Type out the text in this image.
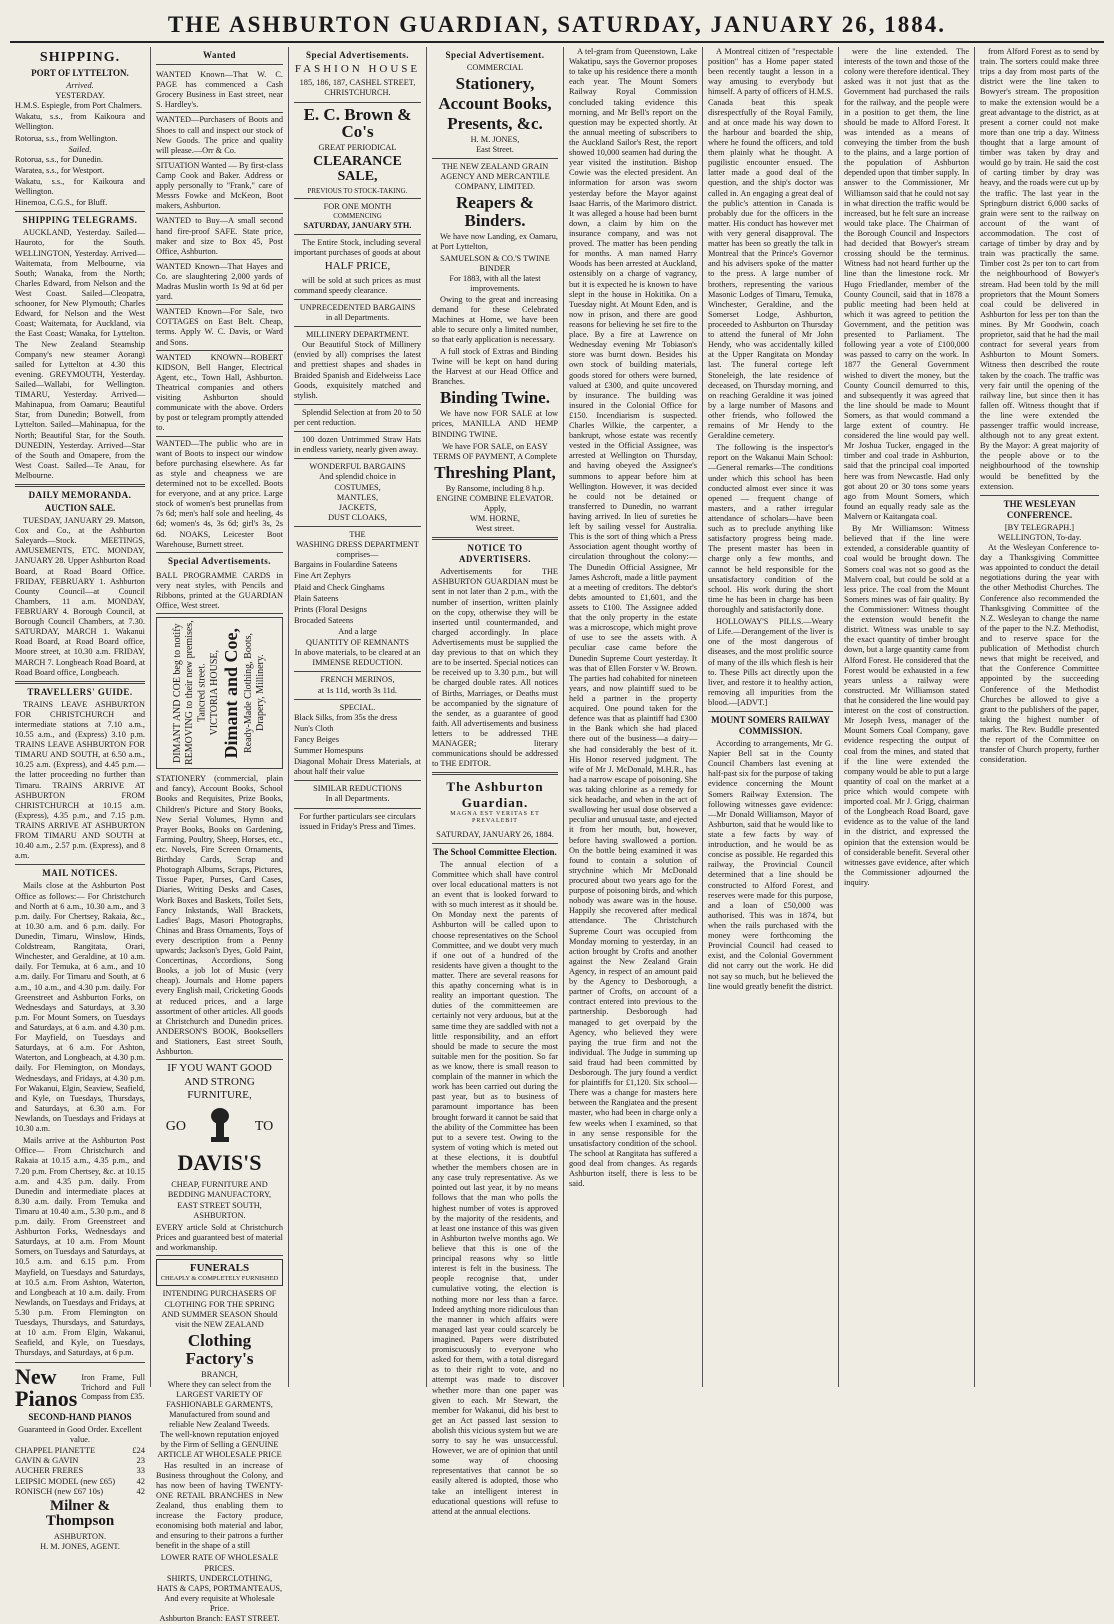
THE ASHBURTON GUARDIAN, SATURDAY, JANUARY 26, 1884.
SHIPPING.
PORT OF LYTTELTON.
Arrived.
YESTERDAY.
H.M.S. Espiegle, from Port Chalmers.
Wakatu, s.s., from Kaikoura and Wellington.
Rotorua, s.s., from Wellington.
Sailed.
Rotorua, s.s., for Dunedin.
Waratea, s.s., for Westport.
Wakatu, s.s., for Kaikoura and Wellington.
Hinemoa, C.G.S., for Bluff.
SHIPPING TELEGRAMS.

AUCKLAND, Yesterday. Sailed—Hauroto, for the South. WELLINGTON, Yesterday. Arrived—Waitemata, from Melbourne, via South; Wanaka, from the North; Charles Edward, from Nelson and the West Coast. Sailed—Cleopatra, schooner, for New Plymouth; Charles Edward, for Nelson and the West Coast; Waitemata, for Auckland, via the East Coast; Wanaka, for Lyttelton. The New Zealand Steamship Company's new steamer Aorangi sailed for Lyttelton at 4.30 this evening. GREYMOUTH, Yesterday. Sailed—Wallabi, for Wellington. TIMARU, Yesterday. Arrived—Mahinapua, from Oamaru; Beautiful Star, from Dunedin; Botwell, from Lyttelton. Sailed—Mahinapua, for the North; Beautiful Star, for the South. DUNEDIN, Yesterday. Arrived—Star of the South and Omapere, from the West Coast. Sailed—Te Anau, for Melbourne.

DAILY MEMORANDA.
AUCTION SALE.

TUESDAY, JANUARY 29. Matson, Cox and Co., at the Ashburton Saleyards—Stock. MEETINGS, AMUSEMENTS, ETC. MONDAY, JANUARY 28. Upper Ashburton Road Board, at Road Board Office. FRIDAY, FEBRUARY 1. Ashburton County Council—at Council Chambers, 11 a.m. MONDAY, FEBRUARY 4. Borough Council, at Borough Council Chambers, at 7.30. SATURDAY, MARCH 1. Wakanui Road Board, at Road Board office, Moore street, at 10.30 a.m. FRIDAY, MARCH 7. Longbeach Road Board, at Road Board office, Longbeach.

TRAVELLERS' GUIDE.

TRAINS LEAVE ASHBURTON FOR CHRISTCHURCH and intermediate stations at 7.10 a.m., 10.55 a.m., and (Express) 3.10 p.m. TRAINS LEAVE ASHBURTON FOR TIMARU AND SOUTH, at 6.50 a.m., 10.25 a.m. (Express), and 4.45 p.m.—the latter proceeding no further than Timaru. TRAINS ARRIVE AT ASHBURTON FROM CHRISTCHURCH at 10.15 a.m. (Express), 4.35 p.m., and 7.15 p.m. TRAINS ARRIVE AT ASHBURTON FROM TIMARU AND SOUTH at 10.40 a.m., 2.57 p.m. (Express), and 8 a.m.

MAIL NOTICES.

Mails close at the Ashburton Post Office as follows:— For Christchurch and North at 6 a.m., 10.30 a.m., and 3 p.m. daily. For Chertsey, Rakaia, &c., at 10.30 a.m. and 6 p.m. daily. For Dunedin, Timaru, Winslow, Hinds, Coldstream, Rangitata, Orari, Winchester, and Geraldine, at 10 a.m. daily. For Temuka, at 6 a.m., and 10 a.m. daily. For Timaru and South, at 6 a.m., 10 a.m., and 4.30 p.m. daily. For Greenstreet and Ashburton Forks, on Wednesdays and Saturdays, at 3.30 p.m. For Mount Somers, on Tuesdays and Saturdays, at 6 a.m. and 4.30 p.m. For Mayfield, on Tuesdays and Saturdays, at 6 a.m. For Ashton, Waterton, and Longbeach, at 4.30 p.m. daily. For Flemington, on Mondays, Wednesdays, and Fridays, at 4.30 p.m. For Wakanui, Elgin, Seaview, Seafield, and Kyle, on Tuesdays, Thursdays, and Saturdays, at 6.30 a.m. For Newlands, on Tuesdays and Fridays at 10.30 a.m.

Mails arrive at the Ashburton Post Office— From Christchurch and Rakaia at 10.15 a.m., 4.35 p.m., and 7.20 p.m. From Chertsey, &c. at 10.15 a.m. and 4.35 p.m. daily. From Dunedin and intermediate places at 8.30 a.m. daily. From Temuka and Timaru at 10.40 a.m., 5.30 p.m., and 8 p.m. daily. From Greenstreet and Ashburton Forks, Wednesdays and Saturdays, at 10 a.m. From Mount Somers, on Tuesdays and Saturdays, at 10.5 a.m. and 6.15 p.m. From Mayfield, on Tuesdays and Saturdays, at 10.5 a.m. From Ashton, Waterton, and Longbeach at 10 a.m. daily. From Newlands, on Tuesdays and Fridays, at 5.30 p.m. From Flemington on Tuesdays, Thursdays, and Saturdays, at 10 a.m. From Elgin, Wakanui, Seafield, and Kyle, on Tuesdays, Thursdays, and Saturdays, at 6 p.m.

New
Pianos
Iron Frame, Full Trichord and Full Compass from £35.
SECOND-HAND PIANOS
Guaranteed in Good Order. Excellent value.
CHAPPEL PIANETTE	£24
GAVIN & GAVIN	23
AUCHER FRERES	33
LEIPSIC MODEL (new £65)	42
RONISCH (new £67 10s)	42
Milner & Thompson
ASHBURTON.
H. M. JONES, AGENT.
Wanted
WANTED Known—That W. C. PAGE has commenced a Cash Grocery Business in East street, near S. Hardley's.
WANTED—Purchasers of Boots and Shoes to call and inspect our stock of New Goods. The price and quality will please.—Orr & Co.
SITUATION Wanted — By first-class Camp Cook and Baker. Address or apply personally to "Frank," care of Messrs Fowke and McKeon, Boot makers, Ashburton.
WANTED to Buy—A small second hand fire-proof SAFE. State price, maker and size to Box 45, Post Office, Ashburton.
WANTED Known—That Hayes and Co. are slaughtering 2,000 yards of Madras Muslin worth 1s 9d at 6d per yard.
WANTED Known—For Sale, two COTTAGES on East Belt. Cheap, terms. Apply W. C. Davis, or Ward and Sons.
WANTED KNOWN—ROBERT KIDSON, Bell Hanger, Electrical Agent, etc., Town Hall, Ashburton. Theatrical companies and others visiting Ashburton should communicate with the above. Orders by post or telegram promptly attended to.
WANTED—The public who are in want of Boots to inspect our window before purchasing elsewhere. As far as style and cheapness we are determined not to be excelled. Boots for everyone, and at any price. Large stock of women's best prunellas from 7s 6d; men's half sole and heeling, 4s 6d; women's 4s, 3s 6d; girl's 3s, 2s 6d. NOAKS, Leicester Boot Warehouse, Burnett street.
Special Advertisements.
BALL PROGRAMME CARDS in very neat styles, with Pencils and Ribbons, printed at the GUARDIAN Office, West street.
DIMANT AND COE beg to notify REMOVING to their new premises, Tancred street. VICTORIA HOUSE, Dimant and Coe, Ready-Made Clothing, Boots, Drapery, Millinery.
STATIONERY (commercial, plain and fancy), Account Books, School Books and Requisites, Prize Books, Children's Picture and Story Books, New Serial Volumes, Hymn and Prayer Books, Books on Gardening, Farming, Poultry, Sheep, Horses, etc., etc. Novels, Fire Screen Ornaments, Birthday Cards, Scrap and Photograph Albums, Scraps, Pictures, Tissue Paper, Purses, Card Cases, Diaries, Writing Desks and Cases, Work Boxes and Baskets, Toilet Sets, Fancy Inkstands, Wall Brackets, Ladies' Bags, Masori Photographs, Chinas and Brass Ornaments, Toys of every description from a Penny upwards; Jackson's Dyes, Gold Paint, Concertinas, Accordions, Song Books, a job lot of Music (very cheap). Journals and Home papers every English mail, Cricketing Goods at reduced prices, and a large assortment of other articles. All goods at Christchurch and Dunedin prices. ANDERSON'S BOOK, Booksellers and Stationers, East street South, Ashburton.
IF YOU WANT GOOD AND STRONG FURNITURE,
GO	TO
DAVIS'S
CHEAP, FURNITURE AND BEDDING MANUFACTORY,
EAST STREET SOUTH,
ASHBURTON.
EVERY article Sold at Christchurch Prices and guaranteed best of material and workmanship.
FUNERALS
CHEAPLY & COMPLETELY FURNISHED
INTENDING PURCHASERS OF CLOTHING FOR THE SPRING AND SUMMER SEASON Should visit the NEW ZEALAND
Clothing Factory's
BRANCH,
Where they can select from the LARGEST VARIETY OF FASHIONABLE GARMENTS, Manufactured from sound and reliable New Zealand Tweeds.
The well-known reputation enjoyed by the Firm of Selling a GENUINE ARTICLE AT WHOLESALE PRICE

Has resulted in an increase of Business throughout the Colony, and has now been of having TWENTY-ONE RETAIL BRANCHES in New Zealand, thus enabling them to increase the Factory produce, economising both material and labor, and ensuring to their patrons a further benefit in the shape of a still

LOWER RATE OF WHOLESALE PRICES.
SHIRTS, UNDERCLOTHING, HATS & CAPS, PORTMANTEAUS,
And every requisite at Wholesale Price.
Ashburton Branch: EAST STREET.
Special Advertisements.
FASHION HOUSE
185, 186, 187, CASHEL STREET,
CHRISTCHURCH.
E. C. Brown & Co's
GREAT PERIODICAL
CLEARANCE SALE,
PREVIOUS TO STOCK-TAKING.
FOR ONE MONTH
COMMENCING
SATURDAY, JANUARY 5TH.

The Entire Stock, including several important purchases of goods at about

HALF PRICE,

will be sold at such prices as must command speedy clearance.

UNPRECEDENTED BARGAINS
in all Departments.
MILLINERY DEPARTMENT.

Our Beautiful Stock of Millinery (envied by all) comprises the latest and prettiest shapes and shades in Braided Spanish and Eidelweiss Lace Goods, exquisitely matched and stylish.

Splendid Selection at from 20 to 50 per cent reduction.

100 dozen Untrimmed Straw Hats in endless variety, nearly given away.

WONDERFUL BARGAINS
And splendid choice in
COSTUMES,
MANTLES,
JACKETS,
DUST CLOAKS,
THE
WASHING DRESS DEPARTMENT
comprises—
Bargains in Foulardine Sateens
Fine Art Zephyrs
Plaid and Check Ginghams
Plain Sateens
Prints (Floral Designs
Brocaded Sateens
And a large
QUANTITY OF REMNANTS
In above materials, to be cleared at an
IMMENSE REDUCTION.
FRENCH MERINOS,
at 1s 11d, worth 3s 11d.
SPECIAL.
Black Silks, from 35s the dress
Nun's Cloth
Fancy Beiges
Summer Homespuns
Diagonal Mohair Dress Materials, at about half their value
SIMILAR REDUCTIONS
In all Departments.
For further particulars see circulars issued in Friday's Press and Times.
Special Advertisement.
COMMERCIAL
Stationery,
Account Books,
Presents, &c.
H. M. JONES,
East Street.
THE NEW ZEALAND GRAIN AGENCY AND MERCANTILE COMPANY, LIMITED.
Reapers & Binders.

We have now Landing, ex Oamaru, at Port Lyttelton,

SAMUELSON & CO.'S TWINE BINDER
For 1883, with all the latest improvements.

Owing to the great and increasing demand for these Celebrated Machines at Home, we have been able to secure only a limited number, so that early application is necessary.

A full stock of Extras and Binding Twine will be kept on hand during the Harvest at our Head Office and Branches.

Binding Twine.

We have now FOR SALE at low prices, MANILLA AND HEMP BINDING TWINE.

We have FOR SALE, on EASY TERMS OF PAYMENT, A Complete
Threshing Plant,
By Ransome, including 8 h.p. ENGINE COMBINE ELEVATOR.
Apply,
WM. HORNE,
West street.
NOTICE TO ADVERTISERS.

Advertisements for THE ASHBURTON GUARDIAN must be sent in not later than 2 p.m., with the number of insertion, written plainly on the copy, otherwise they will be inserted until countermanded, and charged accordingly. In place Advertisements must be supplied the day previous to that on which they are to be inserted. Special notices can be received up to 3.30 p.m., but will be charged double rates. All notices of Births, Marriages, or Deaths must be accompanied by the signature of the sender, as a guarantee of good faith. All advertisements and business letters to be addressed THE MANAGER; literary communications should be addressed to THE EDITOR.

The Ashburton Guardian.
MAGNA EST VERITAS ET PREVALEBIT
SATURDAY, JANUARY 26, 1884.
The School Committee Election.

The annual election of a Committee which shall have control over local educational matters is not an event that is looked forward to with so much interest as it should be. On Monday next the parents of Ashburton will be called upon to choose representatives on the School Committee, and we doubt very much if one out of a hundred of the residents have given a thought to the matter. There are several reasons for this apathy concerning what is in reality an important question. The duties of the committeemen are certainly not very arduous, but at the same time they are saddled with not a little responsibility, and an effort should be made to secure the most suitable men for the position. So far as we know, there is small reason to complain of the manner in which the work has been carried out during the past year, but as to business of paramount importance has been brought forward it cannot be said that the ability of the Committee has been put to a severe test. Owing to the system of voting which is meted out at these elections, it is doubtful whether the members chosen are in any case truly representative. As we pointed out last year, it by no means follows that the man who polls the highest number of votes is approved by the majority of the residents, and at least one instance of this was given in Ashburton twelve months ago. We believe that this is one of the principal reasons why so little interest is felt in the business. The people recognise that, under cumulative voting, the election is nothing more nor less than a farce. Indeed anything more ridiculous than the manner in which affairs were managed last year could scarcely be imagined. Papers were distributed promiscuously to everyone who asked for them, with a total disregard as to their right to vote, and no attempt was made to discover whether more than one paper was given to each. Mr Stewart, the member for Wakanui, did his best to get an Act passed last session to abolish this vicious system but we are sorry to say he was unsuccessful. However, we are of opinion that until some way of choosing representatives that cannot be so easily altered is adopted, those who take an intelligent interest in educational questions will refuse to attend at the annual elections.

A tel-gram from Queenstown, Lake Wakatipu, says the Governor proposes to take up his residence there a month each year. The Mount Somers Railway Royal Commission concluded taking evidence this morning, and Mr Bell's report on the question may be expected shortly. At the annual meeting of subscribers to the Auckland Sailor's Rest, the report showed 10,000 seamen had during the year visited the institution. Bishop Cowie was the elected president. An information for arson was sworn yesterday before the Mayor against Isaac Harris, of the Marimoro district. It was alleged a house had been burnt down, a claim by him on the insurance company, and was not proved. The matter has been pending for months. A man named Harry Woods has been arrested at Auckland, ostensibly on a charge of vagrancy, but it is expected he is known to have slept in the house in Hokitika. On a Tuesday night. At Mount Eden, and is now in prison, and there are good reasons for believing he set fire to the place. By a fire at Lawrence on Wednesday evening Mr Tobiason's store was burnt down. Besides his own stock of building materials, goods stored for others were burned, valued at £300, and quite uncovered by insurance. The building was insured in the Colonial Office for £150. Incendiarism is suspected. Charles Wilkie, the carpenter, a bankrupt, whose estate was recently vested in the Official Assignee, was arrested at Wellington on Thursday, and having obeyed the Assignee's summons to appear before him at Wellington. However, it was decided he could not be detained or transferred to Dunedin, no warrant having arrived. In lieu of sureties he left by sailing vessel for Australia. This is the sort of thing which a Press Association agent thought worthy of circulation throughout the colony:— The Dunedin Official Assignee, Mr James Ashcroft, made a little payment at a meeting of creditors. The debtor's debts amounted to £1,601, and the assets to £100. The Assignee added that the only property in the estate was a microscope, which might prove of use to see the assets with. A peculiar case came before the Dunedin Supreme Court yesterday. It was that of Ellen Forster v W. Brown. The parties had cohabited for nineteen years, and now plaintiff sued to be held a partner in the property acquired. One pound taken for the defence was that as plaintiff had £300 in the Bank which she had placed there out of the business—a dairy—she had considerably the best of it. His Honor reserved judgment. The wife of Mr J. McDonald, M.H.R., has had a narrow escape of poisoning. She was taking chlorine as a remedy for sick headache, and when in the act of swallowing her usual dose observed a peculiar and unusual taste, and ejected it from her mouth, but, however, before having swallowed a portion. On the bottle being examined it was found to contain a solution of strychnine which Mr McDonald procured about two years ago for the purpose of poisoning birds, and which nobody was aware was in the house. Happily she recovered after medical attendance. The Christchurch Supreme Court was occupied from Monday morning to yesterday, in an action brought by Crofts and another against the New Zealand Grain Agency, in respect of an amount paid by the Agency to Desborough, a partner of Crofts, on account of a contract entered into previous to the partnership. Desborough had managed to get overpaid by the Agency, who believed they were paying the true firm and not the individual. The Judge in summing up said fraud had been committed by Desborough. The jury found a verdict for plaintiffs for £1,120. Six school—There was a change for masters here between the Rangiatea and the present master, who had been in charge only a few weeks when I examined, so that in any sense responsible for the unsatisfactory condition of the school. The school at Rangitata has suffered a good deal from changes. As regards Ashburton itself, there is less to be said.

A Montreal citizen of "respectable position" has a Home paper stated been recently taught a lesson in a way amusing to everybody but himself. A party of officers of H.M.S. Canada beat this speak disrespectfully of the Royal Family, and at once made his way down to the harbour and boarded the ship, where he found the officers, and told them plainly what he thought. A pugilistic encounter ensued. The latter made a good deal of the question, and the ship's doctor was called in. An engaging a great deal of the public's attention in Canada is probably due for the officers in the matter. His conduct has however met with very general disapproval. The matter has been so greatly the talk in Montreal that the Prince's Governor and his advisers spoke of the matter to the press. A large number of brothers, representing the various Masonic Lodges of Timaru, Temuka, Winchester, Geraldine, and the Somerset Lodge, Ashburton, proceeded to Ashburton on Thursday to attend the funeral of Mr John Hendy, who was accidentally killed at the Upper Rangitata on Monday last. The funeral cortege left Stoneleigh, the late residence of deceased, on Thursday morning, and on reaching Geraldine it was joined by a large number of Masons and other friends, who followed the remains of Mr Hendy to the Geraldine cemetery.

The following is the inspector's report on the Wakanui Main School:—General remarks—The conditions under which this school has been conducted almost ever since it was opened — frequent change of masters, and a rather irregular attendance of scholars—have been such as to preclude anything like satisfactory progress being made. The present master has been in charge only a few months, and cannot be held responsible for the unsatisfactory condition of the school. His work during the short time he has been in charge has been thoroughly and satisfactorily done.

HOLLOWAY'S PILLS.—Weary of Life.—Derangement of the liver is one of the most dangerous of diseases, and the most prolific source of many of the ills which flesh is heir to. These Pills act directly upon the liver, and restore it to healthy action, removing all impurities from the blood.—[ADVT.]

MOUNT SOMERS RAILWAY COMMISSION.

According to arrangements, Mr G. Napier Bell sat in the County Council Chambers last evening at half-past six for the purpose of taking evidence concerning the Mount Somers Railway Extension. The following witnesses gave evidence:—Mr Donald Williamson, Mayor of Ashburton, said that he would like to state a few facts by way of introduction, and he would be as concise as possible. He regarded this railway, the Provincial Council determined that a line should be constructed to Alford Forest, and reserves were made for this purpose, and a loan of £50,000 was authorised. This was in 1874, but when the rails purchased with the money were forthcoming the Provincial Council had ceased to exist, and the Colonial Government did not carry out the work. He did not say so much, but he believed the line would greatly benefit the district.

were the line extended. The interests of the town and those of the colony were therefore identical. They asked was it not just that as the Government had purchased the rails for the railway, and the people were in a position to get them, the line should be made to Alford Forest. It was intended as a means of conveying the timber from the bush to the plains, and a large portion of the population of Ashburton depended upon that timber supply. In answer to the Commissioner, Mr Williamson said that he could not say in what direction the traffic would be increased, but he felt sure an increase would take place. The Chairman of the Borough Council and Inspectors had decided that Bowyer's stream crossing should be the terminus. Witness had not heard further up the line than the limestone rock. Mr Hugo Friedlander, member of the County Council, said that in 1878 a public meeting had been held at which it was agreed to petition the Government, and the petition was presented to Parliament. The following year a vote of £100,000 was passed to carry on the work. In 1877 the General Government wished to divert the money, but the County Council demurred to this, and subsequently it was agreed that the line should be made to Mount Somers, as that would command a large extent of country. He considered the line would pay well. Mr Joshua Tucker, engaged in the timber and coal trade in Ashburton, said that the principal coal imported here was from Newcastle. Had only got about 20 or 30 tons some years ago from Mount Somers, which found an equally ready sale as the Malvern or Kaitangata coal.

By Mr Williamson: Witness believed that if the line were extended, a considerable quantity of coal would be brought down. The Somers coal was not so good as the Malvern coal, but could be sold at a less price. The coal from the Mount Somers mines was of fair quality. By the Commissioner: Witness thought the extension would benefit the district. Witness was unable to say the exact quantity of timber brought down, but a large quantity came from Alford Forest. He considered that the Forest would be exhausted in a few years unless a railway were constructed. Mr Williamson stated that he considered the line would pay interest on the cost of construction. Mr Joseph Ivess, manager of the Mount Somers Coal Company, gave evidence respecting the output of coal from the mines, and stated that if the line were extended the company would be able to put a large quantity of coal on the market at a price which would compete with imported coal. Mr J. Grigg, chairman of the Longbeach Road Board, gave evidence as to the value of the land in the district, and expressed the opinion that the extension would be of considerable benefit. Several other witnesses gave evidence, after which the Commissioner adjourned the inquiry.

from Alford Forest as to send by train. The sorters could make three trips a day from most parts of the district were the line taken to Bowyer's stream. The proposition to make the extension would be a great advantage to the district, as at present a corner could not make more than one trip a day. Witness thought that a large amount of timber was taken by dray and would go by train. He said the cost of carting timber by dray was heavy, and the roads were cut up by the traffic. The last year in the Springburn district 6,000 sacks of grain were sent to the railway on account of the want of accommodation. The cost of cartage of timber by dray and by train was practically the same. Timber cost 2s per ton to cart from the neighbourhood of Bowyer's stream. Had been told by the mill proprietors that the Mount Somers coal could be delivered in Ashburton for less per ton than the mines. By Mr Goodwin, coach proprietor, said that he had the mail contract for several years from Ashburton to Mount Somers. Witness then described the route taken by the coach. The traffic was very fair until the opening of the railway line, but since then it has fallen off. Witness thought that if the line were extended the passenger traffic would increase, although not to any great extent. By the Mayor: A great majority of the people above or to the neighbourhood of the township would be benefitted by the extension.

THE WESLEYAN CONFERENCE.
[BY TELEGRAPH.]
WELLINGTON, To-day.

At the Wesleyan Conference to-day a Thanksgiving Committee was appointed to conduct the detail negotiations during the year with the other Methodist Churches. The Conference also recommended the Thanksgiving Committee of the N.Z. Wesleyan to change the name of the paper to the N.Z. Methodist, and to reserve space for the publication of Methodist church news that might be received, and that the Conference Committee appointed by the succeeding Conference of the Methodist Churches be allowed to give a grant to the publishers of the paper, taking the highest number of marks. The Rev. Buddle presented the report of the Committee on transfer of Church property, further consideration.
